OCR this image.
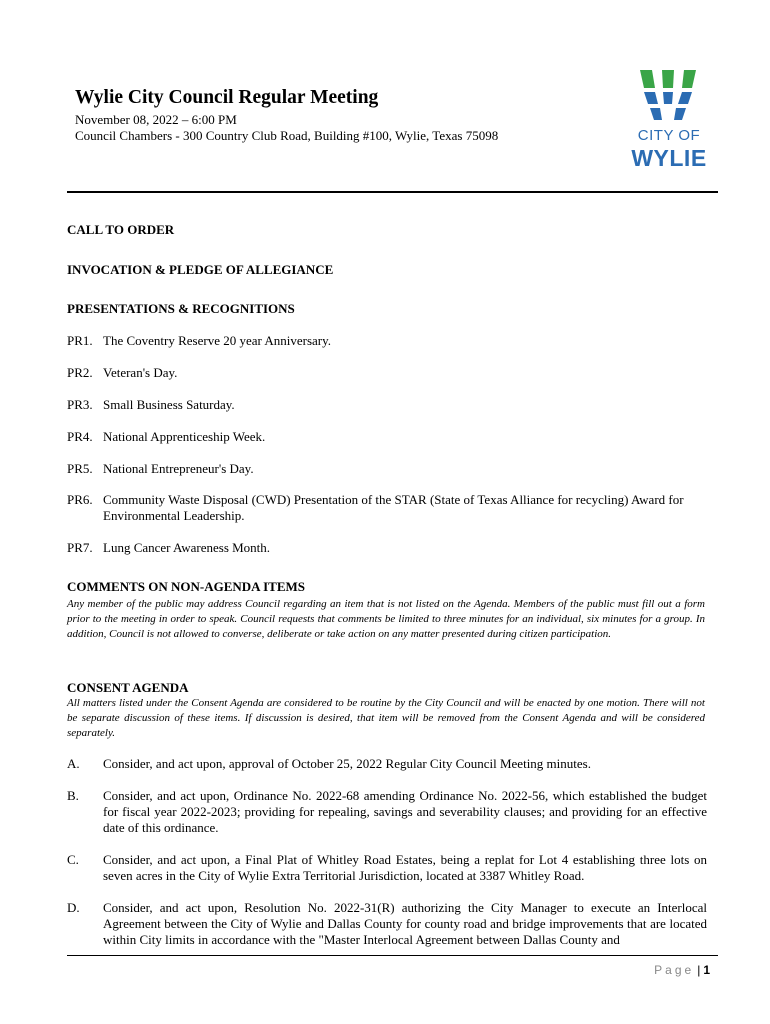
Wylie City Council Regular Meeting
November 08, 2022 – 6:00 PM
Council Chambers - 300 Country Club Road, Building #100, Wylie, Texas 75098	CITY OF
WYLIE
CALL TO ORDER
INVOCATION & PLEDGE OF ALLEGIANCE
PRESENTATIONS & RECOGNITIONS
PR1. The Coventry Reserve 20 year Anniversary.
PR2. Veteran's Day.
PR3. Small Business Saturday.
PR4. National Apprenticeship Week.
PR5. National Entrepreneur's Day.
PR6. Community Waste Disposal (CWD) Presentation of the STAR (State of Texas Alliance for recycling) Award for Environmental Leadership.
PR7. Lung Cancer Awareness Month.
COMMENTS ON NON-AGENDA ITEMS
Any member of the public may address Council regarding an item that is not listed on the Agenda. Members of the public must fill out a form prior to the meeting in order to speak. Council requests that comments be limited to three minutes for an individual, six minutes for a group. In addition, Council is not allowed to converse, deliberate or take action on any matter presented during citizen participation.
CONSENT AGENDA
All matters listed under the Consent Agenda are considered to be routine by the City Council and will be enacted by one motion. There will not be separate discussion of these items. If discussion is desired, that item will be removed from the Consent Agenda and will be considered separately.
A. Consider, and act upon, approval of October 25, 2022 Regular City Council Meeting minutes.
B. Consider, and act upon, Ordinance No. 2022-68 amending Ordinance No. 2022-56, which established the budget for fiscal year 2022-2023; providing for repealing, savings and severability clauses; and providing for an effective date of this ordinance.
C. Consider, and act upon, a Final Plat of Whitley Road Estates, being a replat for Lot 4 establishing three lots on seven acres in the City of Wylie Extra Territorial Jurisdiction, located at 3387 Whitley Road.
D. Consider, and act upon, Resolution No. 2022-31(R) authorizing the City Manager to execute an Interlocal Agreement between the City of Wylie and Dallas County for county road and bridge improvements that are located within City limits in accordance with the "Master Interlocal Agreement between Dallas County and
Page | 1
